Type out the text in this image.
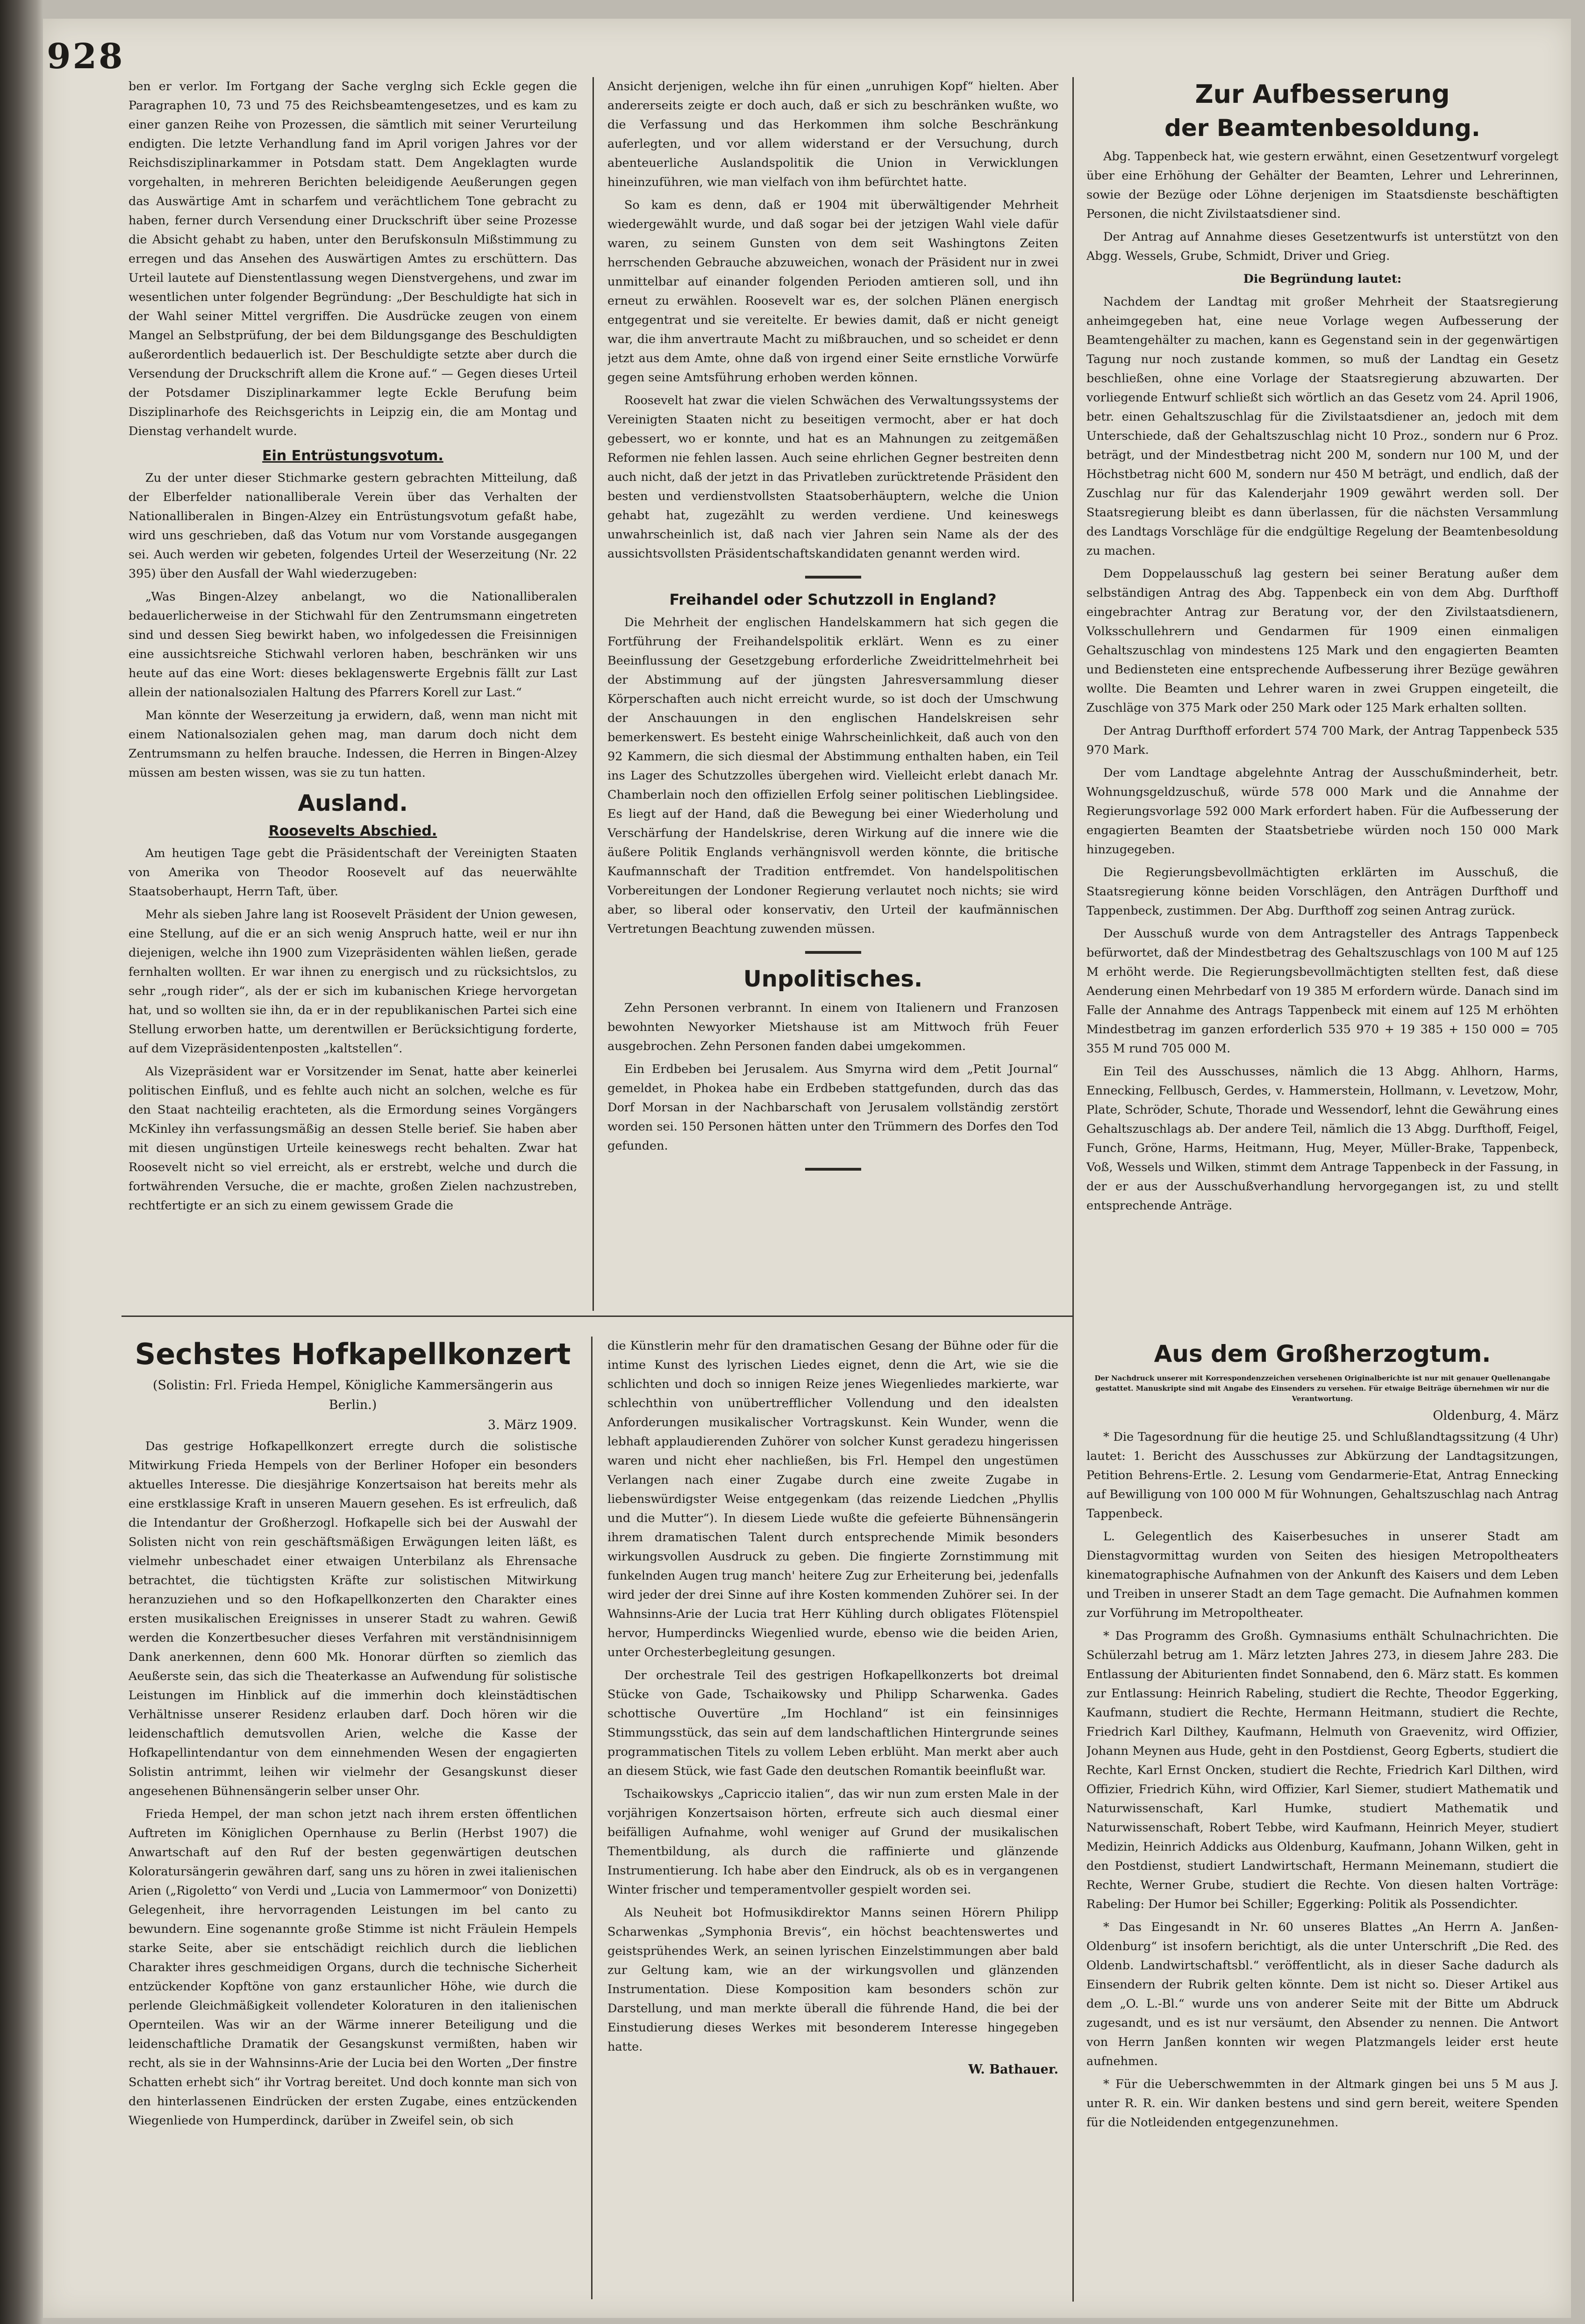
928

ben er verlor. Im Fortgang der Sache verglng sich Eckle gegen die Paragraphen 10, 73 und 75 des Reichsbeamtengesetzes, und es kam zu einer ganzen Reihe von Prozessen, die sämtlich mit seiner Verurteilung endigten. Die letzte Verhandlung fand im April vorigen Jahres vor der Reichsdisziplinarkammer in Potsdam statt. Dem Angeklagten wurde vorgehalten, in mehreren Berichten beleidigende Aeußerungen gegen das Auswärtige Amt in scharfem und verächtlichem Tone gebracht zu haben, ferner durch Versendung einer Druckschrift über seine Prozesse die Absicht gehabt zu haben, unter den Berufskonsuln Mißstimmung zu erregen und das Ansehen des Auswärtigen Amtes zu erschüttern. Das Urteil lautete auf Dienstentlassung wegen Dienstvergehens, und zwar im wesentlichen unter folgender Begründung: „Der Beschuldigte hat sich in der Wahl seiner Mittel vergriffen. Die Ausdrücke zeugen von einem Mangel an Selbstprüfung, der bei dem Bildungsgange des Beschuldigten außerordentlich bedauerlich ist. Der Beschuldigte setzte aber durch die Versendung der Druckschrift allem die Krone auf.“ — Gegen dieses Urteil der Potsdamer Disziplinarkammer legte Eckle Berufung beim Disziplinarhofe des Reichsgerichts in Leipzig ein, die am Montag und Dienstag verhandelt wurde.

Ein Entrüstungsvotum.

Zu der unter dieser Stichmarke gestern gebrachten Mitteilung, daß der Elberfelder nationalliberale Verein über das Verhalten der Nationalliberalen in Bingen-Alzey ein Entrüstungsvotum gefaßt habe, wird uns geschrieben, daß das Votum nur vom Vorstande ausgegangen sei. Auch werden wir gebeten, folgendes Urteil der Weserzeitung (Nr. 22 395) über den Ausfall der Wahl wiederzugeben:

„Was Bingen-Alzey anbelangt, wo die Nationalliberalen bedauerlicherweise in der Stichwahl für den Zentrumsmann eingetreten sind und dessen Sieg bewirkt haben, wo infolgedessen die Freisinnigen eine aussichtsreiche Stichwahl verloren haben, beschränken wir uns heute auf das eine Wort: dieses beklagenswerte Ergebnis fällt zur Last allein der nationalsozialen Haltung des Pfarrers Korell zur Last.“

Man könnte der Weserzeitung ja erwidern, daß, wenn man nicht mit einem Nationalsozialen gehen mag, man darum doch nicht dem Zentrumsmann zu helfen brauche. Indessen, die Herren in Bingen-Alzey müssen am besten wissen, was sie zu tun hatten.

Ausland.
Roosevelts Abschied.

Am heutigen Tage gebt die Präsidentschaft der Vereinigten Staaten von Amerika von Theodor Roosevelt auf das neuerwählte Staatsoberhaupt, Herrn Taft, über.

Mehr als sieben Jahre lang ist Roosevelt Präsident der Union gewesen, eine Stellung, auf die er an sich wenig Anspruch hatte, weil er nur ihn diejenigen, welche ihn 1900 zum Vizepräsidenten wählen ließen, gerade fernhalten wollten. Er war ihnen zu energisch und zu rücksichtslos, zu sehr „rough rider“, als der er sich im kubanischen Kriege hervorgetan hat, und so wollten sie ihn, da er in der republikanischen Partei sich eine Stellung erworben hatte, um derentwillen er Berücksichtigung forderte, auf dem Vizepräsidentenposten „kaltstellen“.

Als Vizepräsident war er Vorsitzender im Senat, hatte aber keinerlei politischen Einfluß, und es fehlte auch nicht an solchen, welche es für den Staat nachteilig erachteten, als die Ermordung seines Vorgängers McKinley ihn verfassungsmäßig an dessen Stelle berief. Sie haben aber mit diesen ungünstigen Urteile keineswegs recht behalten. Zwar hat Roosevelt nicht so viel erreicht, als er erstrebt, welche und durch die fortwährenden Versuche, die er machte, großen Zielen nachzustreben, rechtfertigte er an sich zu einem gewissem Grade die

Ansicht derjenigen, welche ihn für einen „unruhigen Kopf“ hielten. Aber andererseits zeigte er doch auch, daß er sich zu beschränken wußte, wo die Verfassung und das Herkommen ihm solche Beschränkung auferlegten, und vor allem widerstand er der Versuchung, durch abenteuerliche Auslandspolitik die Union in Verwicklungen hineinzuführen, wie man vielfach von ihm befürchtet hatte.

So kam es denn, daß er 1904 mit überwältigender Mehrheit wiedergewählt wurde, und daß sogar bei der jetzigen Wahl viele dafür waren, zu seinem Gunsten von dem seit Washingtons Zeiten herrschenden Gebrauche abzuweichen, wonach der Präsident nur in zwei unmittelbar auf einander folgenden Perioden amtieren soll, und ihn erneut zu erwählen. Roosevelt war es, der solchen Plänen energisch entgegentrat und sie vereitelte. Er bewies damit, daß er nicht geneigt war, die ihm anvertraute Macht zu mißbrauchen, und so scheidet er denn jetzt aus dem Amte, ohne daß von irgend einer Seite ernstliche Vorwürfe gegen seine Amtsführung erhoben werden können.

Roosevelt hat zwar die vielen Schwächen des Verwaltungssystems der Vereinigten Staaten nicht zu beseitigen vermocht, aber er hat doch gebessert, wo er konnte, und hat es an Mahnungen zu zeitgemäßen Reformen nie fehlen lassen. Auch seine ehrlichen Gegner bestreiten denn auch nicht, daß der jetzt in das Privatleben zurücktretende Präsident den besten und verdienstvollsten Staatsoberhäuptern, welche die Union gehabt hat, zugezählt zu werden verdiene. Und keineswegs unwahrscheinlich ist, daß nach vier Jahren sein Name als der des aussichtsvollsten Präsidentschaftskandidaten genannt werden wird.

Freihandel oder Schutzzoll in England?

Die Mehrheit der englischen Handelskammern hat sich gegen die Fortführung der Freihandelspolitik erklärt. Wenn es zu einer Beeinflussung der Gesetzgebung erforderliche Zweidrittelmehrheit bei der Abstimmung auf der jüngsten Jahresversammlung dieser Körperschaften auch nicht erreicht wurde, so ist doch der Umschwung der Anschauungen in den englischen Handelskreisen sehr bemerkenswert. Es besteht einige Wahrscheinlichkeit, daß auch von den 92 Kammern, die sich diesmal der Abstimmung enthalten haben, ein Teil ins Lager des Schutzzolles übergehen wird. Vielleicht erlebt danach Mr. Chamberlain noch den offiziellen Erfolg seiner politischen Lieblingsidee. Es liegt auf der Hand, daß die Bewegung bei einer Wiederholung und Verschärfung der Handelskrise, deren Wirkung auf die innere wie die äußere Politik Englands verhängnisvoll werden könnte, die britische Kaufmannschaft der Tradition entfremdet. Von handelspolitischen Vorbereitungen der Londoner Regierung verlautet noch nichts; sie wird aber, so liberal oder konservativ, den Urteil der kaufmännischen Vertretungen Beachtung zuwenden müssen.

Unpolitisches.

Zehn Personen verbrannt. In einem von Italienern und Franzosen bewohnten Newyorker Mietshause ist am Mittwoch früh Feuer ausgebrochen. Zehn Personen fanden dabei umgekommen.

Ein Erdbeben bei Jerusalem. Aus Smyrna wird dem „Petit Journal“ gemeldet, in Phokea habe ein Erdbeben stattgefunden, durch das das Dorf Morsan in der Nachbarschaft von Jerusalem vollständig zerstört worden sei. 150 Personen hätten unter den Trümmern des Dorfes den Tod gefunden.

Zur Aufbesserung
der Beamtenbesoldung.

Abg. Tappenbeck hat, wie gestern erwähnt, einen Gesetzentwurf vorgelegt über eine Erhöhung der Gehälter der Beamten, Lehrer und Lehrerinnen, sowie der Bezüge oder Löhne derjenigen im Staatsdienste beschäftigten Personen, die nicht Zivilstaatsdiener sind.

Der Antrag auf Annahme dieses Gesetzentwurfs ist unterstützt von den Abgg. Wessels, Grube, Schmidt, Driver und Grieg.

Die Begründung lautet:

Nachdem der Landtag mit großer Mehrheit der Staatsregierung anheimgegeben hat, eine neue Vorlage wegen Aufbesserung der Beamtengehälter zu machen, kann es Gegenstand sein in der gegenwärtigen Tagung nur noch zustande kommen, so muß der Landtag ein Gesetz beschließen, ohne eine Vorlage der Staatsregierung abzuwarten. Der vorliegende Entwurf schließt sich wörtlich an das Gesetz vom 24. April 1906, betr. einen Gehaltszuschlag für die Zivilstaatsdiener an, jedoch mit dem Unterschiede, daß der Gehaltszuschlag nicht 10 Proz., sondern nur 6 Proz. beträgt, und der Mindestbetrag nicht 200 M, sondern nur 100 M, und der Höchstbetrag nicht 600 M, sondern nur 450 M beträgt, und endlich, daß der Zuschlag nur für das Kalenderjahr 1909 gewährt werden soll. Der Staatsregierung bleibt es dann überlassen, für die nächsten Versammlung des Landtags Vorschläge für die endgültige Regelung der Beamtenbesoldung zu machen.

Dem Doppelausschuß lag gestern bei seiner Beratung außer dem selbständigen Antrag des Abg. Tappenbeck ein von dem Abg. Durfthoff eingebrachter Antrag zur Beratung vor, der den Zivilstaatsdienern, Volksschullehrern und Gendarmen für 1909 einen einmaligen Gehaltszuschlag von mindestens 125 Mark und den engagierten Beamten und Bediensteten eine entsprechende Aufbesserung ihrer Bezüge gewähren wollte. Die Beamten und Lehrer waren in zwei Gruppen eingeteilt, die Zuschläge von 375 Mark oder 250 Mark oder 125 Mark erhalten sollten.

Der Antrag Durfthoff erfordert 574 700 Mark, der Antrag Tappenbeck 535 970 Mark.

Der vom Landtage abgelehnte Antrag der Ausschußminderheit, betr. Wohnungsgeldzuschuß, würde 578 000 Mark und die Annahme der Regierungsvorlage 592 000 Mark erfordert haben. Für die Aufbesserung der engagierten Beamten der Staatsbetriebe würden noch 150 000 Mark hinzugegeben.

Die Regierungsbevollmächtigten erklärten im Ausschuß, die Staatsregierung könne beiden Vorschlägen, den Anträgen Durfthoff und Tappenbeck, zustimmen. Der Abg. Durfthoff zog seinen Antrag zurück.

Der Ausschuß wurde von dem Antragsteller des Antrags Tappenbeck befürwortet, daß der Mindestbetrag des Gehaltszuschlags von 100 M auf 125 M erhöht werde. Die Regierungsbevollmächtigten stellten fest, daß diese Aenderung einen Mehrbedarf von 19 385 M erfordern würde. Danach sind im Falle der Annahme des Antrags Tappenbeck mit einem auf 125 M erhöhten Mindestbetrag im ganzen erforderlich 535 970 + 19 385 + 150 000 = 705 355 M rund 705 000 M.

Ein Teil des Ausschusses, nämlich die 13 Abgg. Ahlhorn, Harms, Ennecking, Fellbusch, Gerdes, v. Hammerstein, Hollmann, v. Levetzow, Mohr, Plate, Schröder, Schute, Thorade und Wessendorf, lehnt die Gewährung eines Gehaltszuschlags ab. Der andere Teil, nämlich die 13 Abgg. Durfthoff, Feigel, Funch, Gröne, Harms, Heitmann, Hug, Meyer, Müller-Brake, Tappenbeck, Voß, Wessels und Wilken, stimmt dem Antrage Tappenbeck in der Fassung, in der er aus der Ausschußverhandlung hervorgegangen ist, zu und stellt entsprechende Anträge.

Sechstes Hofkapellkonzert
(Solistin: Frl. Frieda Hempel, Königliche Kammersängerin aus Berlin.)
3. März 1909.

Das gestrige Hofkapellkonzert erregte durch die solistische Mitwirkung Frieda Hempels von der Berliner Hofoper ein besonders aktuelles Interesse. Die diesjährige Konzertsaison hat bereits mehr als eine erstklassige Kraft in unseren Mauern gesehen. Es ist erfreulich, daß die Intendantur der Großherzogl. Hofkapelle sich bei der Auswahl der Solisten nicht von rein geschäftsmäßigen Erwägungen leiten läßt, es vielmehr unbeschadet einer etwaigen Unterbilanz als Ehrensache betrachtet, die tüchtigsten Kräfte zur solistischen Mitwirkung heranzuziehen und so den Hofkapellkonzerten den Charakter eines ersten musikalischen Ereignisses in unserer Stadt zu wahren. Gewiß werden die Konzertbesucher dieses Verfahren mit verständnisinnigem Dank anerkennen, denn 600 Mk. Honorar dürften so ziemlich das Aeußerste sein, das sich die Theaterkasse an Aufwendung für solistische Leistungen im Hinblick auf die immerhin doch kleinstädtischen Verhältnisse unserer Residenz erlauben darf. Doch hören wir die leidenschaftlich demutsvollen Arien, welche die Kasse der Hofkapellintendantur von dem einnehmenden Wesen der engagierten Solistin antrimmt, leihen wir vielmehr der Gesangskunst dieser angesehenen Bühnensängerin selber unser Ohr.

Frieda Hempel, der man schon jetzt nach ihrem ersten öffentlichen Auftreten im Königlichen Opernhause zu Berlin (Herbst 1907) die Anwartschaft auf den Ruf der besten gegenwärtigen deutschen Koloratursängerin gewähren darf, sang uns zu hören in zwei italienischen Arien („Rigoletto“ von Verdi und „Lucia von Lammermoor“ von Donizetti) Gelegenheit, ihre hervorragenden Leistungen im bel canto zu bewundern. Eine sogenannte große Stimme ist nicht Fräulein Hempels starke Seite, aber sie entschädigt reichlich durch die lieblichen Charakter ihres geschmeidigen Organs, durch die technische Sicherheit entzückender Kopftöne von ganz erstaunlicher Höhe, wie durch die perlende Gleichmäßigkeit vollendeter Koloraturen in den italienischen Opernteilen. Was wir an der Wärme innerer Beteiligung und die leidenschaftliche Dramatik der Gesangskunst vermißten, haben wir recht, als sie in der Wahnsinns-Arie der Lucia bei den Worten „Der finstre Schatten erhebt sich“ ihr Vortrag bereitet. Und doch konnte man sich von den hinterlassenen Eindrücken der ersten Zugabe, eines entzückenden Wiegenliede von Humperdinck, darüber in Zweifel sein, ob sich

die Künstlerin mehr für den dramatischen Gesang der Bühne oder für die intime Kunst des lyrischen Liedes eignet, denn die Art, wie sie die schlichten und doch so innigen Reize jenes Wiegenliedes markierte, war schlechthin von unübertrefflicher Vollendung und den idealsten Anforderungen musikalischer Vortragskunst. Kein Wunder, wenn die lebhaft applaudierenden Zuhörer von solcher Kunst geradezu hingerissen waren und nicht eher nachließen, bis Frl. Hempel den ungestümen Verlangen nach einer Zugabe durch eine zweite Zugabe in liebenswürdigster Weise entgegenkam (das reizende Liedchen „Phyllis und die Mutter“). In diesem Liede wußte die gefeierte Bühnensängerin ihrem dramatischen Talent durch entsprechende Mimik besonders wirkungsvollen Ausdruck zu geben. Die fingierte Zornstimmung mit funkelnden Augen trug manch' heitere Zug zur Erheiterung bei, jedenfalls wird jeder der drei Sinne auf ihre Kosten kommenden Zuhörer sei. In der Wahnsinns-Arie der Lucia trat Herr Kühling durch obligates Flötenspiel hervor, Humperdincks Wiegenlied wurde, ebenso wie die beiden Arien, unter Orchesterbegleitung gesungen.

Der orchestrale Teil des gestrigen Hofkapellkonzerts bot dreimal Stücke von Gade, Tschaikowsky und Philipp Scharwenka. Gades schottische Ouvertüre „Im Hochland“ ist ein feinsinniges Stimmungsstück, das sein auf dem landschaftlichen Hintergrunde seines programmatischen Titels zu vollem Leben erblüht. Man merkt aber auch an diesem Stück, wie fast Gade den deutschen Romantik beeinflußt war.

Tschaikowskys „Capriccio italien“, das wir nun zum ersten Male in der vorjährigen Konzertsaison hörten, erfreute sich auch diesmal einer beifälligen Aufnahme, wohl weniger auf Grund der musikalischen Thementbildung, als durch die raffinierte und glänzende Instrumentierung. Ich habe aber den Eindruck, als ob es in vergangenen Winter frischer und temperamentvoller gespielt worden sei.

Als Neuheit bot Hofmusikdirektor Manns seinen Hörern Philipp Scharwenkas „Symphonia Brevis“, ein höchst beachtenswertes und geistsprühendes Werk, an seinen lyrischen Einzelstimmungen aber bald zur Geltung kam, wie an der wirkungsvollen und glänzenden Instrumentation. Diese Komposition kam besonders schön zur Darstellung, und man merkte überall die führende Hand, die bei der Einstudierung dieses Werkes mit besonderem Interesse hingegeben hatte.

W. Bathauer.
Aus dem Großherzogtum.
Der Nachdruck unserer mit Korrespondenzzeichen versehenen Originalberichte ist nur mit genauer Quellenangabe gestattet. Manuskripte sind mit Angabe des Einsenders zu versehen. Für etwaige Beiträge übernehmen wir nur die Verantwortung.
Oldenburg, 4. März

* Die Tagesordnung für die heutige 25. und Schlußlandtagssitzung (4 Uhr) lautet: 1. Bericht des Ausschusses zur Abkürzung der Landtagsitzungen, Petition Behrens-Ertle. 2. Lesung vom Gendarmerie-Etat, Antrag Ennecking auf Bewilligung von 100 000 M für Wohnungen, Gehaltszuschlag nach Antrag Tappenbeck.

L. Gelegentlich des Kaiserbesuches in unserer Stadt am Dienstagvormittag wurden von Seiten des hiesigen Metropoltheaters kinematographische Aufnahmen von der Ankunft des Kaisers und dem Leben und Treiben in unserer Stadt an dem Tage gemacht. Die Aufnahmen kommen zur Vorführung im Metropoltheater.

* Das Programm des Großh. Gymnasiums enthält Schulnachrichten. Die Schülerzahl betrug am 1. März letzten Jahres 273, in diesem Jahre 283. Die Entlassung der Abiturienten findet Sonnabend, den 6. März statt. Es kommen zur Entlassung: Heinrich Rabeling, studiert die Rechte, Theodor Eggerking, Kaufmann, studiert die Rechte, Hermann Heitmann, studiert die Rechte, Friedrich Karl Dilthey, Kaufmann, Helmuth von Graevenitz, wird Offizier, Johann Meynen aus Hude, geht in den Postdienst, Georg Egberts, studiert die Rechte, Karl Ernst Oncken, studiert die Rechte, Friedrich Karl Dilthen, wird Offizier, Friedrich Kühn, wird Offizier, Karl Siemer, studiert Mathematik und Naturwissenschaft, Karl Humke, studiert Mathematik und Naturwissenschaft, Robert Tebbe, wird Kaufmann, Heinrich Meyer, studiert Medizin, Heinrich Addicks aus Oldenburg, Kaufmann, Johann Wilken, geht in den Postdienst, studiert Landwirtschaft, Hermann Meinemann, studiert die Rechte, Werner Grube, studiert die Rechte. Von diesen halten Vorträge: Rabeling: Der Humor bei Schiller; Eggerking: Politik als Possendichter.

* Das Eingesandt in Nr. 60 unseres Blattes „An Herrn A. Janßen-Oldenburg“ ist insofern berichtigt, als die unter Unterschrift „Die Red. des Oldenb. Landwirtschaftsbl.“ veröffentlicht, als in dieser Sache dadurch als Einsendern der Rubrik gelten könnte. Dem ist nicht so. Dieser Artikel aus dem „O. L.-Bl.“ wurde uns von anderer Seite mit der Bitte um Abdruck zugesandt, und es ist nur versäumt, den Absender zu nennen. Die Antwort von Herrn Janßen konnten wir wegen Platzmangels leider erst heute aufnehmen.

* Für die Ueberschwemmten in der Altmark gingen bei uns 5 M aus J. unter R. R. ein. Wir danken bestens und sind gern bereit, weitere Spenden für die Notleidenden entgegenzunehmen.
